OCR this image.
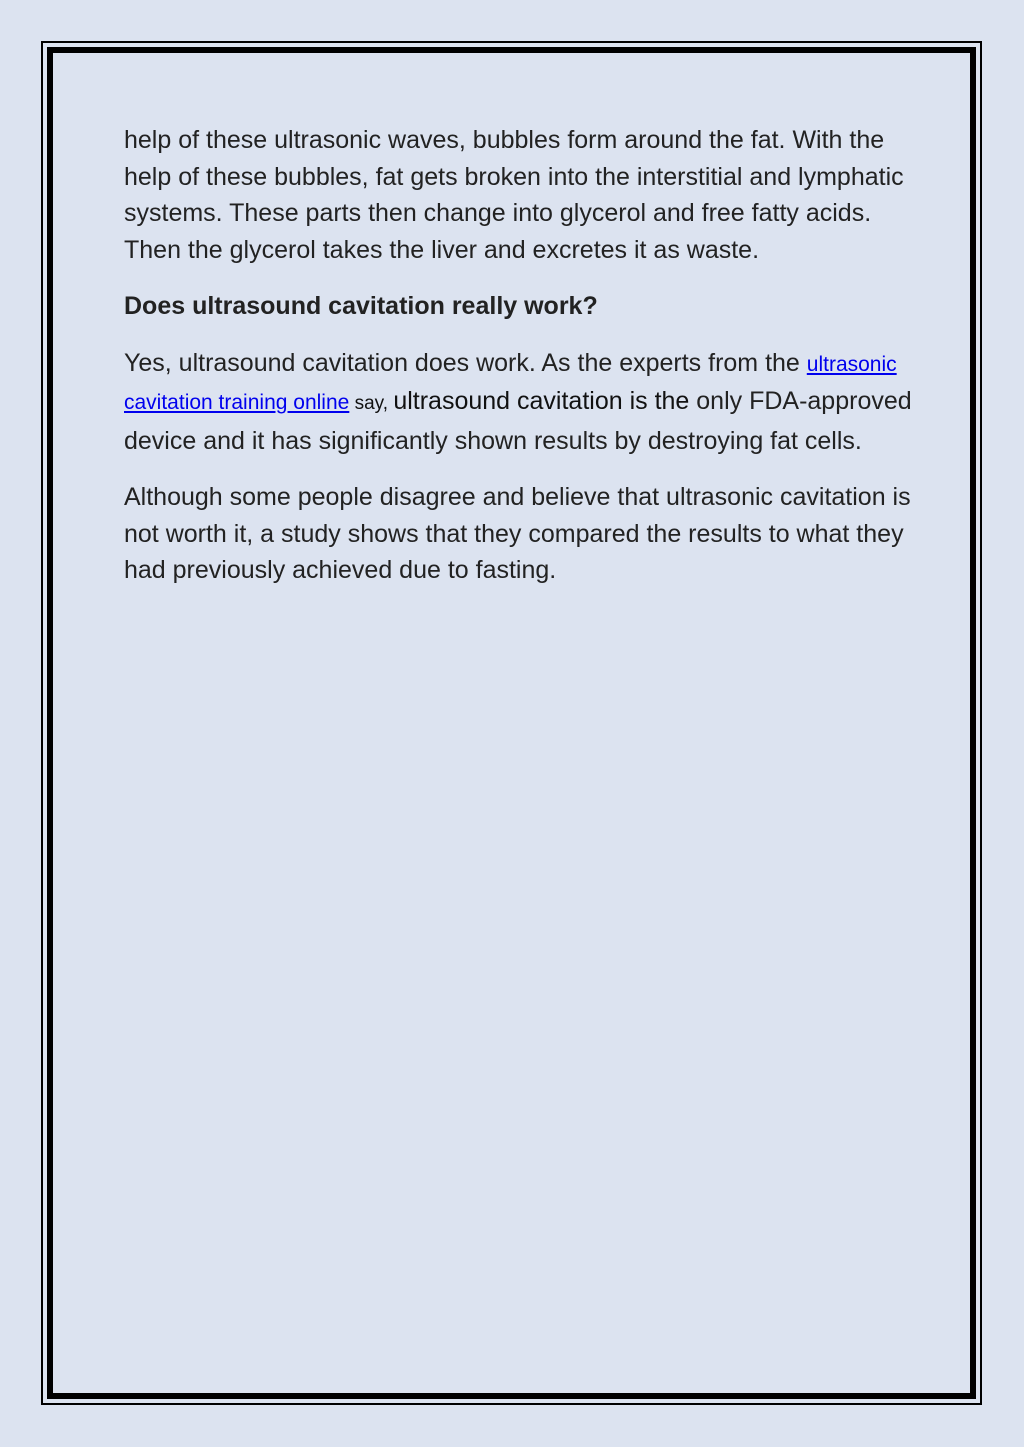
help of these ultrasonic waves, bubbles form around the fat. With the help of these bubbles, fat gets broken into the interstitial and lymphatic systems. These parts then change into glycerol and free fatty acids. Then the glycerol takes the liver and excretes it as waste.

Does ultrasound cavitation really work?

Yes, ultrasound cavitation does work. As the experts from the ultrasonic cavitation training online say, ultrasound cavitation is the only FDA-approved device and it has significantly shown results by destroying fat cells.

Although some people disagree and believe that ultrasonic cavitation is not worth it, a study shows that they compared the results to what they had previously achieved due to fasting.
